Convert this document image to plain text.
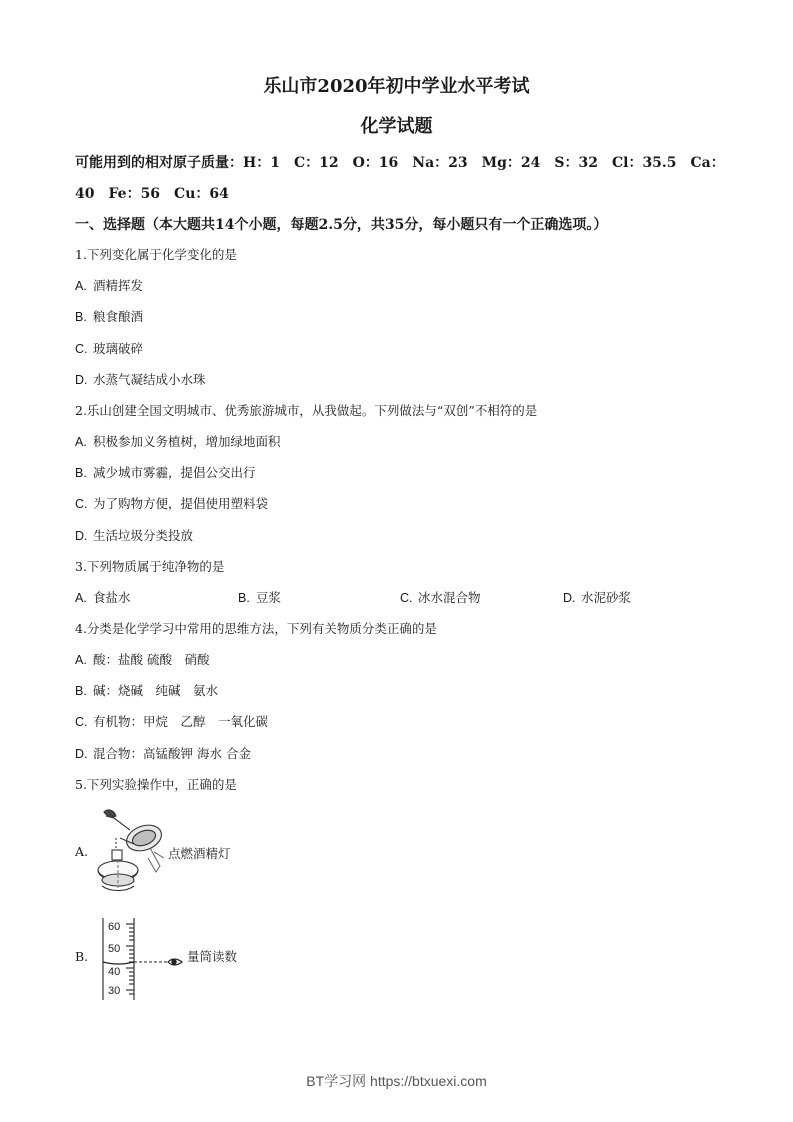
乐山市2020年初中学业水平考试
化学试题
可能用到的相对原子质量：H：1　C：12　O：16　Na：23　Mg：24　S：32　Cl：35.5　Ca：
40　Fe：56　Cu：64
一、选择题（本大题共14个小题，每题2.5分，共35分，每小题只有一个正确选项。）
1.下列变化属于化学变化的是
A. 酒精挥发
B. 粮食酿酒
C. 玻璃破碎
D. 水蒸气凝结成小水珠
2.乐山创建全国文明城市、优秀旅游城市，从我做起。下列做法与“双创”不相符的是
A. 积极参加义务植树，增加绿地面积
B. 减少城市雾霾，提倡公交出行
C. 为了购物方便，提倡使用塑料袋
D. 生活垃圾分类投放
3.下列物质属于纯净物的是
A. 食盐水	B. 豆浆	C. 冰水混合物	D. 水泥砂浆
4.分类是化学学习中常用的思维方法，下列有关物质分类正确的是
A. 酸：盐酸 硫酸　硝酸
B. 碱：烧碱　纯碱　氨水
C. 有机物：甲烷　乙醇　一氧化碳
D. 混合物：高锰酸钾 海水 合金
5.下列实验操作中，正确的是
A.	点燃酒精灯
B.
60
50
40
30
量筒读数
BT学习网 https://btxuexi.com
